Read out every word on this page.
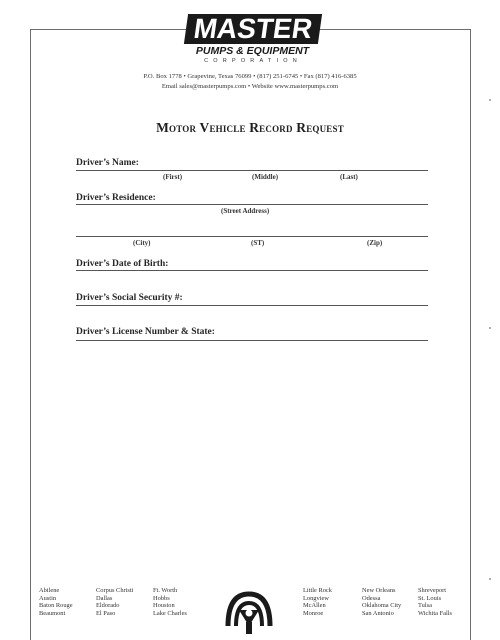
MASTER
PUMPS & EQUIPMENT
CORPORATION
P.O. Box 1778 • Grapevine, Texas 76099 • (817) 251-6745 • Fax (817) 416-6385
Email sales@masterpumps.com • Website www.masterpumps.com
Motor Vehicle Record Request
Driver’s Name:
(First)	(Middle)	(Last)
Driver’s Residence:
(Street Address)
(City)	(ST)	(Zip)
Driver’s Date of Birth:
Driver’s Social Security #:
Driver’s License Number & State:
Abilene
Austin
Baton Rouge
Beaumont
Corpus Christi
Dallas
Eldorado
El Paso
Ft. Worth
Hobbs
Houston
Lake Charles
Little Rock
Longview
McAllen
Monroe
New Orleans
Odessa
Oklahoma City
San Antonio
Shreveport
St. Louis
Tulsa
Wichita Falls
